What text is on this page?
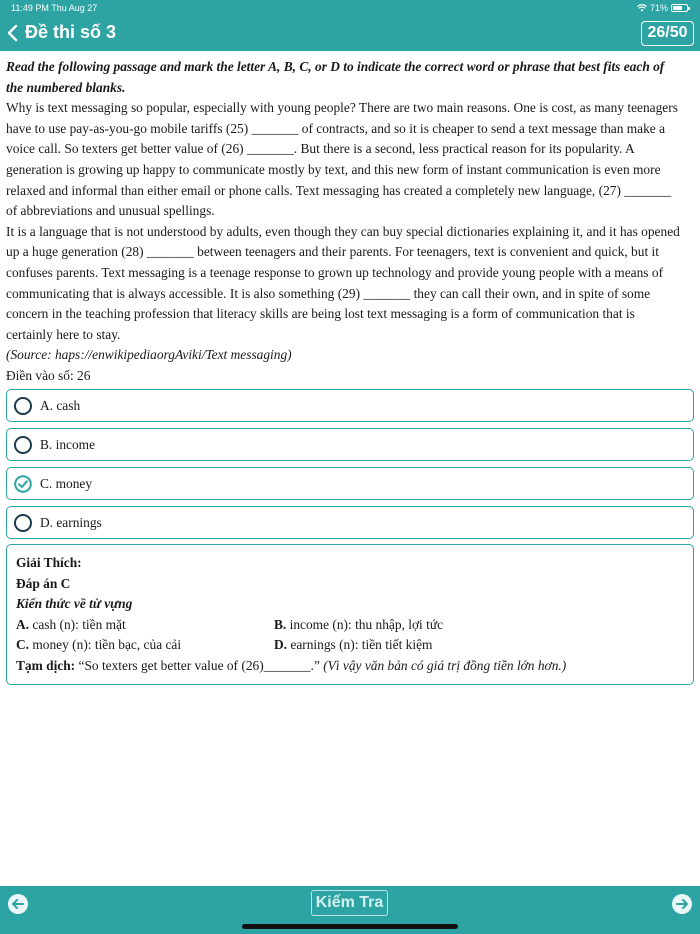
11:49 PM Thu Aug 27	71%
Đề thi số 3	26/50
Read the following passage and mark the letter A, B, C, or D to indicate the correct word or phrase that best fits each of
the numbered blanks.
Why is text messaging so popular, especially with young people? There are two main reasons. One is cost, as many teenagers
have to use pay-as-you-go mobile tariffs (25) _______ of contracts, and so it is cheaper to send a text message than make a
voice call. So texters get better value of (26) _______. But there is a second, less practical reason for its popularity. A
generation is growing up happy to communicate mostly by text, and this new form of instant communication is even more
relaxed and informal than either email or phone calls. Text messaging has created a completely new language, (27) _______
of abbreviations and unusual spellings.
It is a language that is not understood by adults, even though they can buy special dictionaries explaining it, and it has opened
up a huge generation (28) _______ between teenagers and their parents. For teenagers, text is convenient and quick, but it
confuses parents. Text messaging is a teenage response to grown up technology and provide young people with a means of
communicating that is always accessible. It is also something (29) _______ they can call their own, and in spite of some
concern in the teaching profession that literacy skills are being lost text messaging is a form of communication that is
certainly here to stay.
(Source: haps://enwikipediaorgAviki/Text messaging)
Điền vào số: 26
A. cash
B. income
C. money
D. earnings
Giải Thích:
Đáp án C
Kiến thức về từ vựng
A. cash (n): tiền mặt	B. income (n): thu nhập, lợi tức
C. money (n): tiền bạc, của cải	D. earnings (n): tiền tiết kiệm
Tạm dịch: “So texters get better value of (26)_______.” (Vì vậy văn bản có giá trị đồng tiền lớn hơn.)
Kiểm Tra
